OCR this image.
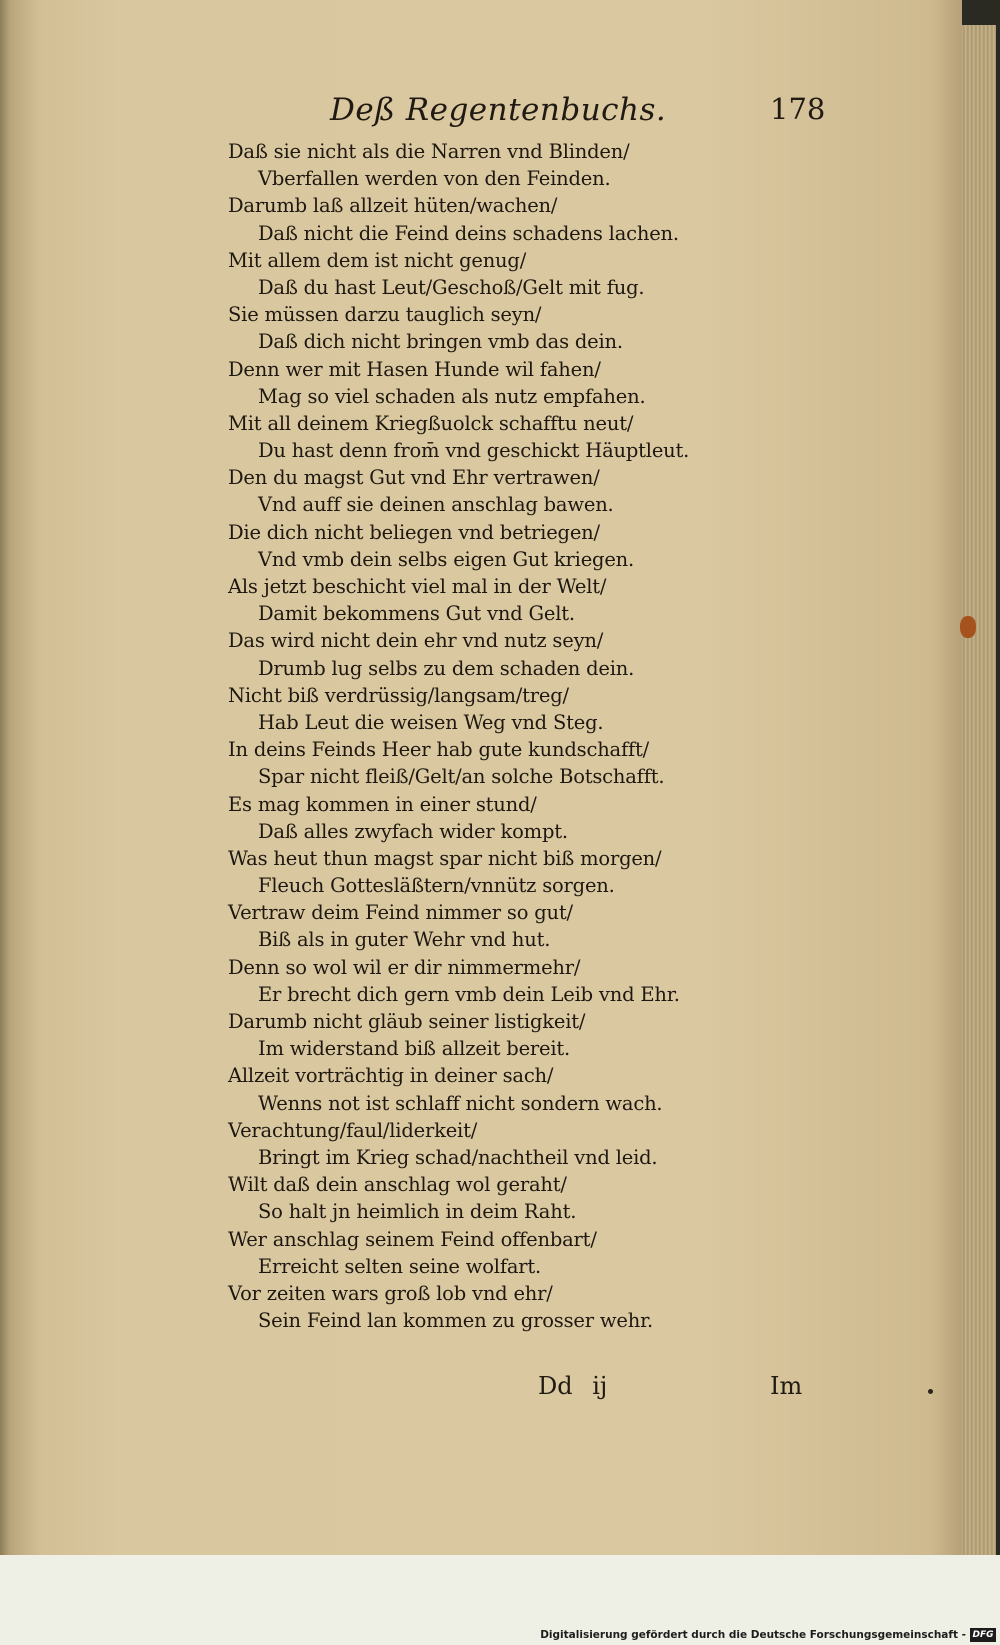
Deß Regentenbuchs.	178
Daß sie nicht als die Narren vnd Blinden/
Vberfallen werden von den Feinden.
Darumb laß allzeit hüten/wachen/
Daß nicht die Feind deins schadens lachen.
Mit allem dem ist nicht genug/
Daß du hast Leut/Geschoß/Gelt mit fug.
Sie müssen darzu tauglich seyn/
Daß dich nicht bringen vmb das dein.
Denn wer mit Hasen Hunde wil fahen/
Mag so viel schaden als nutz empfahen.
Mit all deinem Kriegßuolck schafftu neut/
Du hast denn from̄ vnd geschickt Häuptleut.
Den du magst Gut vnd Ehr vertrawen/
Vnd auff sie deinen anschlag bawen.
Die dich nicht beliegen vnd betriegen/
Vnd vmb dein selbs eigen Gut kriegen.
Als jetzt beschicht viel mal in der Welt/
Damit bekommens Gut vnd Gelt.
Das wird nicht dein ehr vnd nutz seyn/
Drumb lug selbs zu dem schaden dein.
Nicht biß verdrüssig/langsam/treg/
Hab Leut die weisen Weg vnd Steg.
In deins Feinds Heer hab gute kundschafft/
Spar nicht fleiß/Gelt/an solche Botschafft.
Es mag kommen in einer stund/
Daß alles zwyfach wider kompt.
Was heut thun magst spar nicht biß morgen/
Fleuch Gottesläßtern/vnnütz sorgen.
Vertraw deim Feind nimmer so gut/
Biß als in guter Wehr vnd hut.
Denn so wol wil er dir nimmermehr/
Er brecht dich gern vmb dein Leib vnd Ehr.
Darumb nicht gläub seiner listigkeit/
Im widerstand biß allzeit bereit.
Allzeit vorträchtig in deiner sach/
Wenns not ist schlaff nicht sondern wach.
Verachtung/faul/liderkeit/
Bringt im Krieg schad/nachtheil vnd leid.
Wilt daß dein anschlag wol geraht/
So halt jn heimlich in deim Raht.
Wer anschlag seinem Feind offenbart/
Erreicht selten seine wolfart.
Vor zeiten wars groß lob vnd ehr/
Sein Feind lan kommen zu grosser wehr.
Dd ij	Im
Digitalisierung gefördert durch die Deutsche Forschungsgemeinschaft - DFG
